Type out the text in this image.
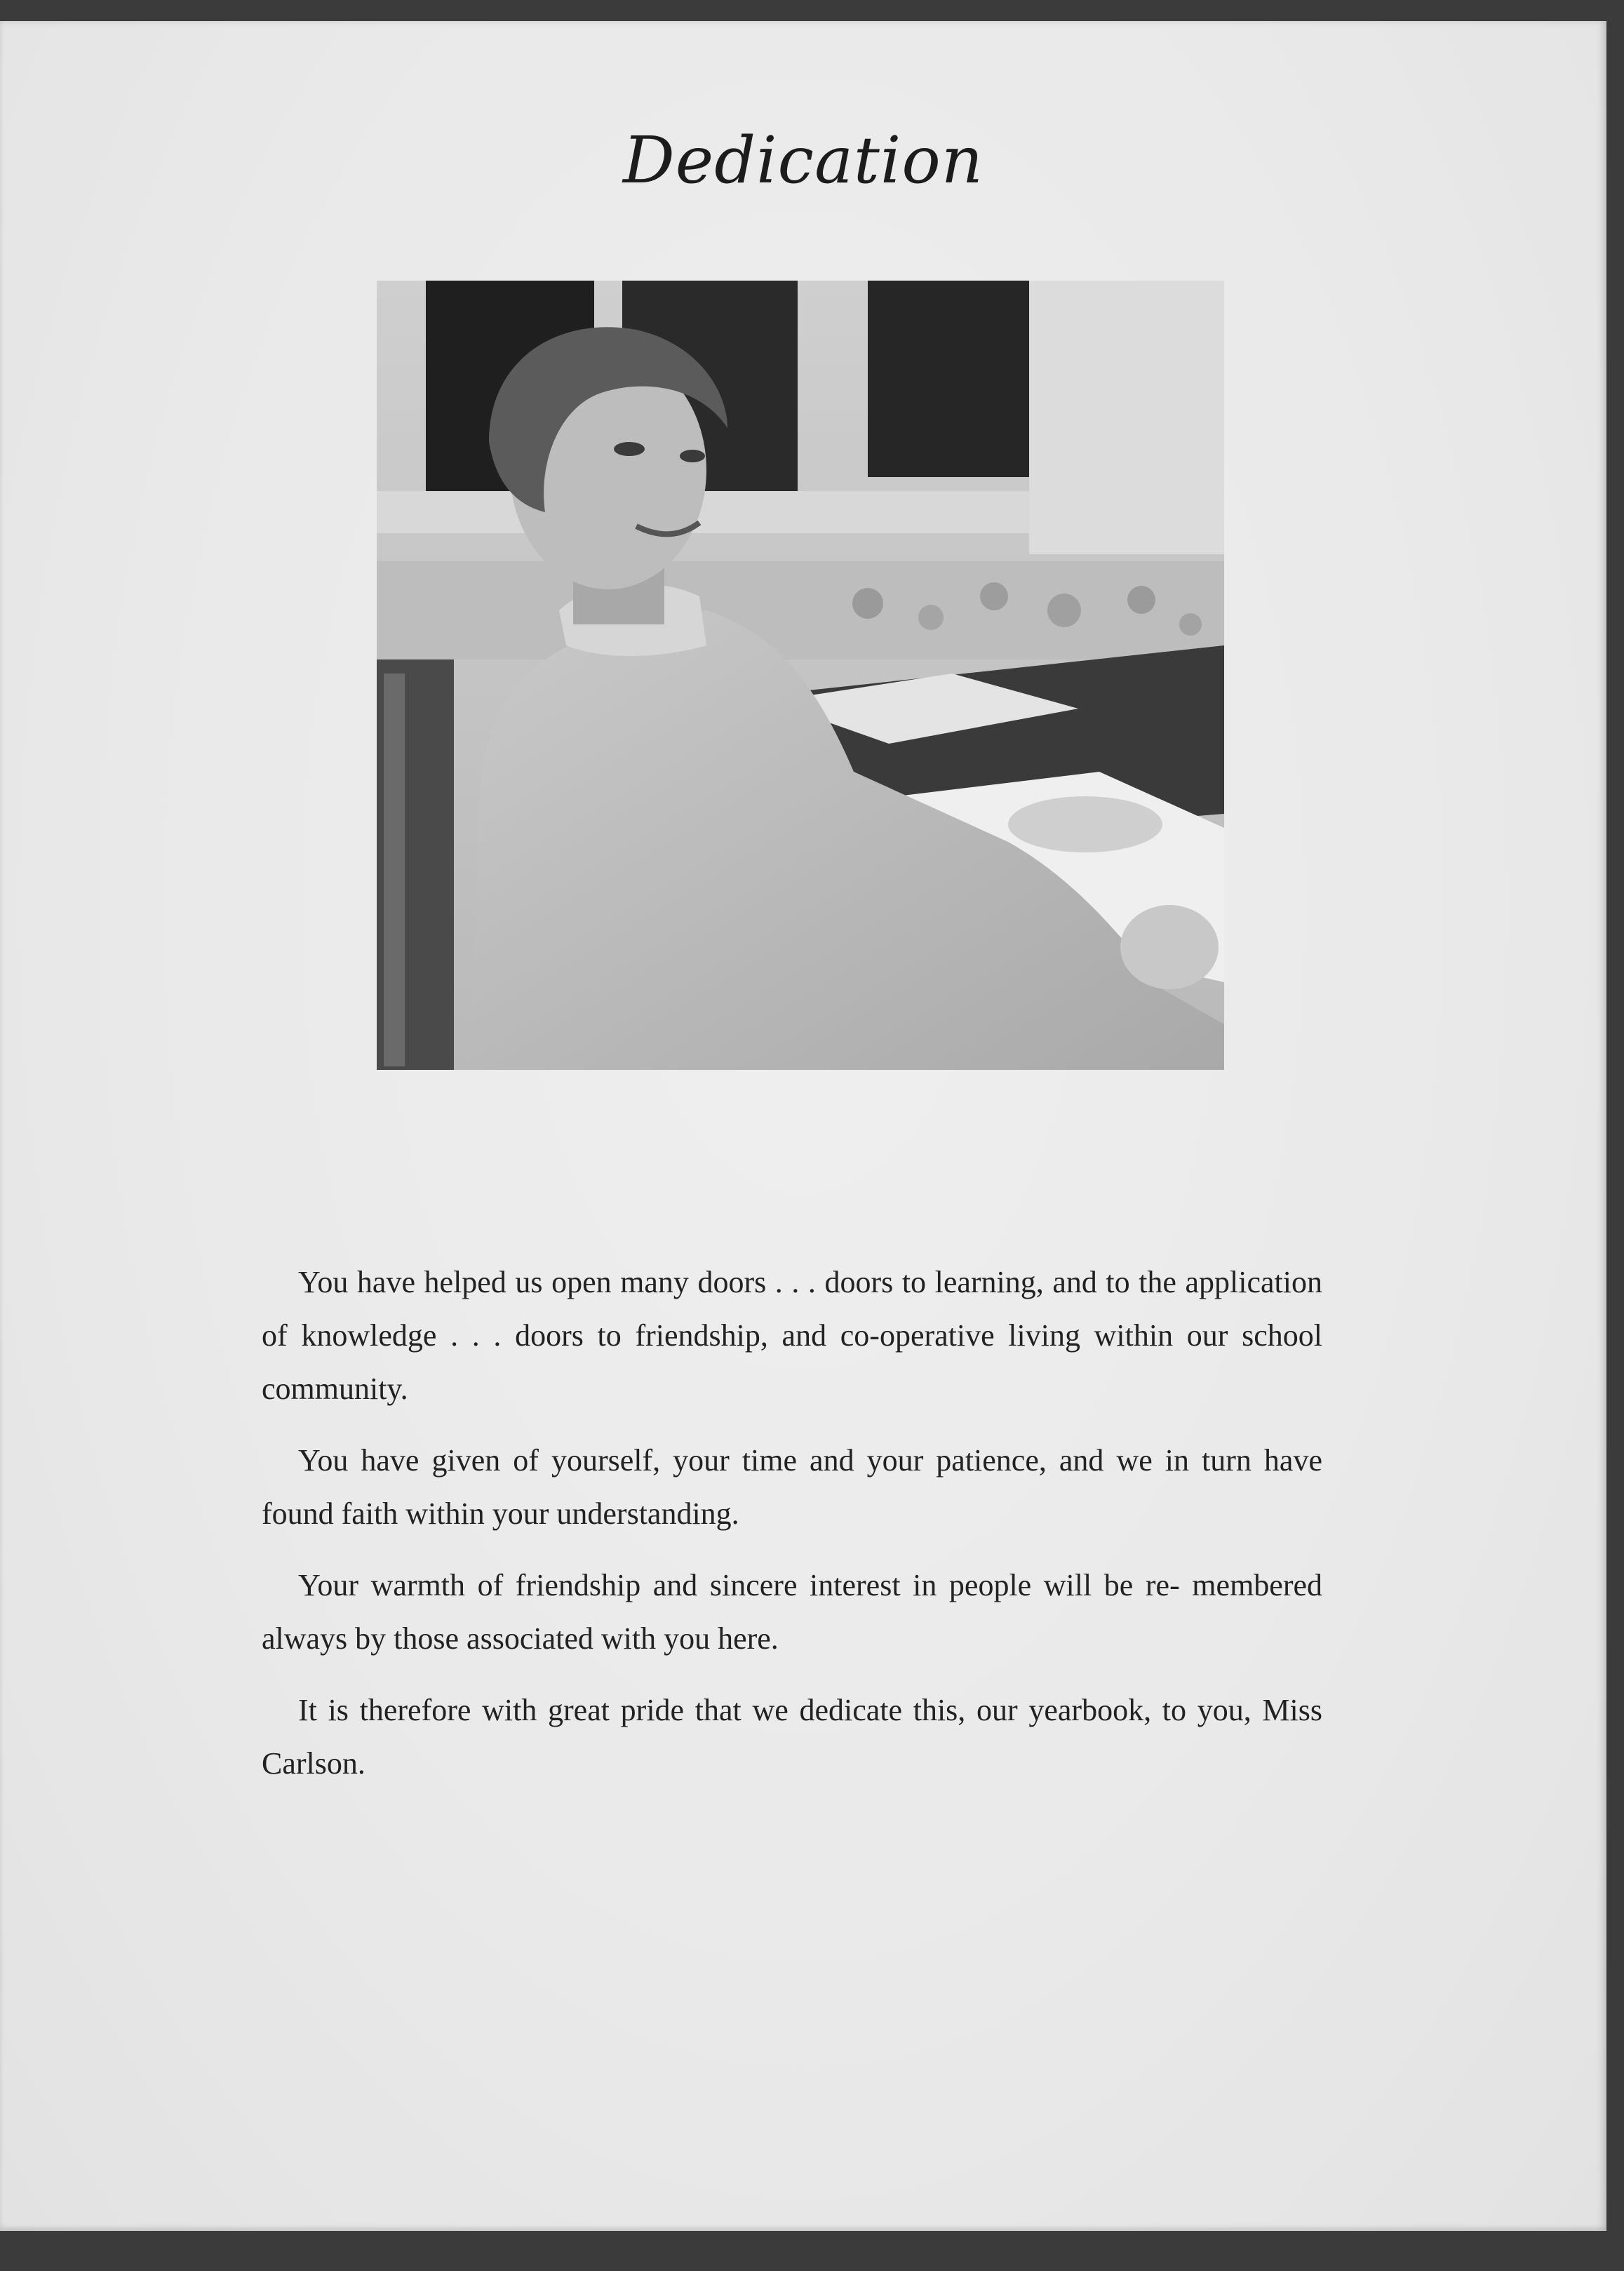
Dedication

You have helped us open many doors . . . doors to learning, and to the application of knowledge . . . doors to friendship, and co-operative living within our school community.

You have given of yourself, your time and your patience, and we in turn have found faith within your understanding.

Your warmth of friendship and sincere interest in people will be re- membered always by those associated with you here.

It is therefore with great pride that we dedicate this, our yearbook, to you, Miss Carlson.
